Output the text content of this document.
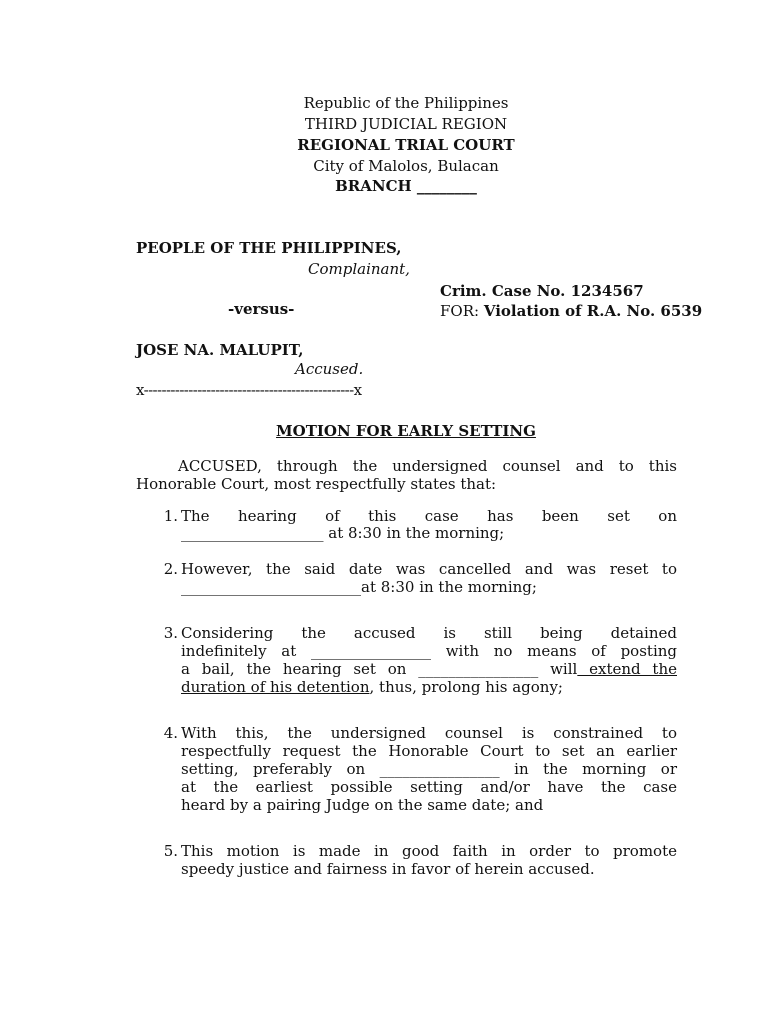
Republic of the Philippines
THIRD JUDICIAL REGION
REGIONAL TRIAL COURT
City of Malolos, Bulacan
BRANCH ________
PEOPLE OF THE PHILIPPINES,
Complainant,
Crim. Case No. 1234567
FOR: Violation of R.A. No. 6539
-versus-
JOSE NA. MALUPIT,
Accused.
x-----------------------------------------------x
MOTION FOR EARLY SETTING
ACCUSED, through the undersigned counsel and to this
Honorable Court, most respectfully states that:
1. The hearing of this case has been set on
___________________ at 8:30 in the morning;
2. However, the said date was cancelled and was reset to
________________________at 8:30 in the morning;
3. Considering the accused is still being detained
indefinitely at ________________ with no means of posting
a bail, the hearing set on ________________ will extend the
duration of his detention, thus, prolong his agony;
4. With this, the undersigned counsel is constrained to
respectfully request the Honorable Court to set an earlier
setting, preferably on ________________ in the morning or
at the earliest possible setting and/or have the case
heard by a pairing Judge on the same date; and
5. This motion is made in good faith in order to promote
speedy justice and fairness in favor of herein accused.
